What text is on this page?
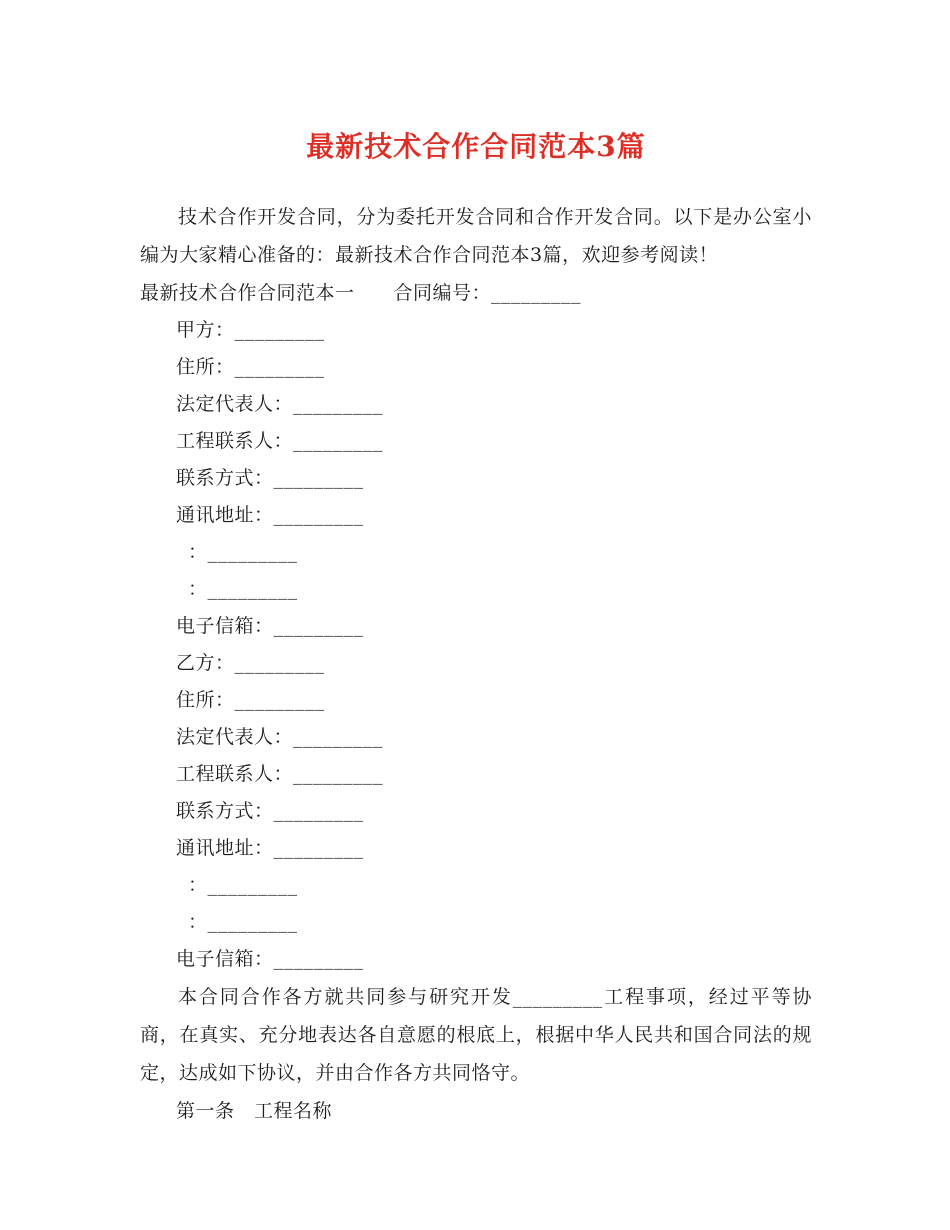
最新技术合作合同范本3篇

技术合作开发合同，分为委托开发合同和合作开发合同。以下是办公室小编为大家精心准备的：最新技术合作合同范本3篇，欢迎参考阅读！

最新技术合作合同范本一　　合同编号：_________
甲方：_________
住所：_________
法定代表人：_________
工程联系人：_________
联系方式：_________
通讯地址：_________
：_________
：_________
电子信箱：_________
乙方：_________
住所：_________
法定代表人：_________
工程联系人：_________
联系方式：_________
通讯地址：_________
：_________
：_________
电子信箱：_________

本合同合作各方就共同参与研究开发_________工程事项，经过平等协商，在真实、充分地表达各自意愿的根底上，根据中华人民共和国合同法的规定，达成如下协议，并由合作各方共同恪守。

第一条　工程名称
